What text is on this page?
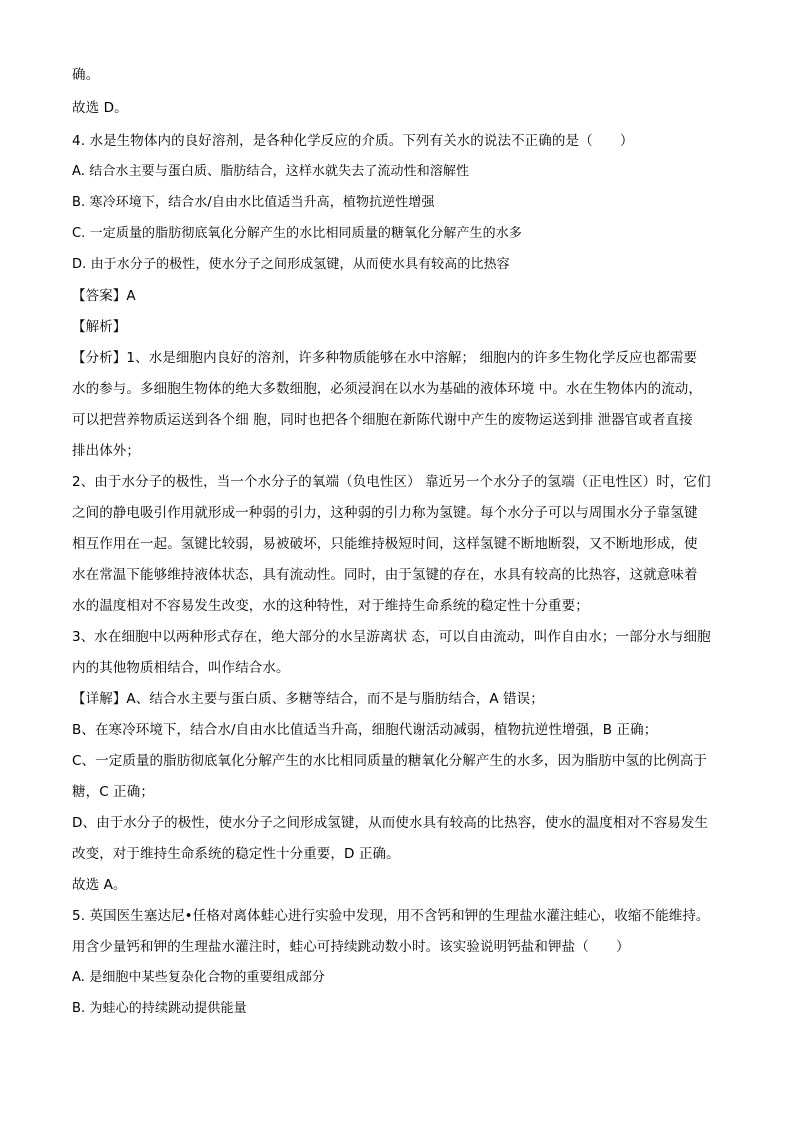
确。
故选 D。
4. 水是生物体内的良好溶剂，是各种化学反应的介质。下列有关水的说法不正确的是（　　）
A. 结合水主要与蛋白质、脂肪结合，这样水就失去了流动性和溶解性
B. 寒冷环境下，结合水/自由水比值适当升高，植物抗逆性增强
C. 一定质量的脂肪彻底氧化分解产生的水比相同质量的糖氧化分解产生的水多
D. 由于水分子的极性，使水分子之间形成氢键，从而使水具有较高的比热容
【答案】A
【解析】
【分析】1、水是细胞内良好的溶剂，许多种物质能够在水中溶解； 细胞内的许多生物化学反应也都需要
水的参与。多细胞生物体的绝大多数细胞，必须浸润在以水为基础的液体环境 中。水在生物体内的流动，
可以把营养物质运送到各个细 胞，同时也把各个细胞在新陈代谢中产生的废物运送到排 泄器官或者直接
排出体外；
2、由于水分子的极性，当一个水分子的氧端（负电性区） 靠近另一个水分子的氢端（正电性区）时，它们
之间的静电吸引作用就形成一种弱的引力，这种弱的引力称为氢键。每个水分子可以与周围水分子靠氢键
相互作用在一起。氢键比较弱，易被破坏，只能维持极短时间，这样氢键不断地断裂，又不断地形成，使
水在常温下能够维持液体状态，具有流动性。同时，由于氢键的存在，水具有较高的比热容，这就意味着
水的温度相对不容易发生改变，水的这种特性，对于维持生命系统的稳定性十分重要；
3、水在细胞中以两种形式存在，绝大部分的水呈游离状 态，可以自由流动，叫作自由水；一部分水与细胞
内的其他物质相结合，叫作结合水。
【详解】A、结合水主要与蛋白质、多糖等结合，而不是与脂肪结合，A 错误；
B、在寒冷环境下，结合水/自由水比值适当升高，细胞代谢活动减弱，植物抗逆性增强，B 正确；
C、一定质量的脂肪彻底氧化分解产生的水比相同质量的糖氧化分解产生的水多，因为脂肪中氢的比例高于
糖，C 正确；
D、由于水分子的极性，使水分子之间形成氢键，从而使水具有较高的比热容，使水的温度相对不容易发生
改变，对于维持生命系统的稳定性十分重要，D 正确。
故选 A。
5. 英国医生塞达尼•任格对离体蛙心进行实验中发现，用不含钙和钾的生理盐水灌注蛙心，收缩不能维持。
用含少量钙和钾的生理盐水灌注时，蛙心可持续跳动数小时。该实验说明钙盐和钾盐（　　）
A. 是细胞中某些复杂化合物的重要组成部分
B. 为蛙心的持续跳动提供能量
